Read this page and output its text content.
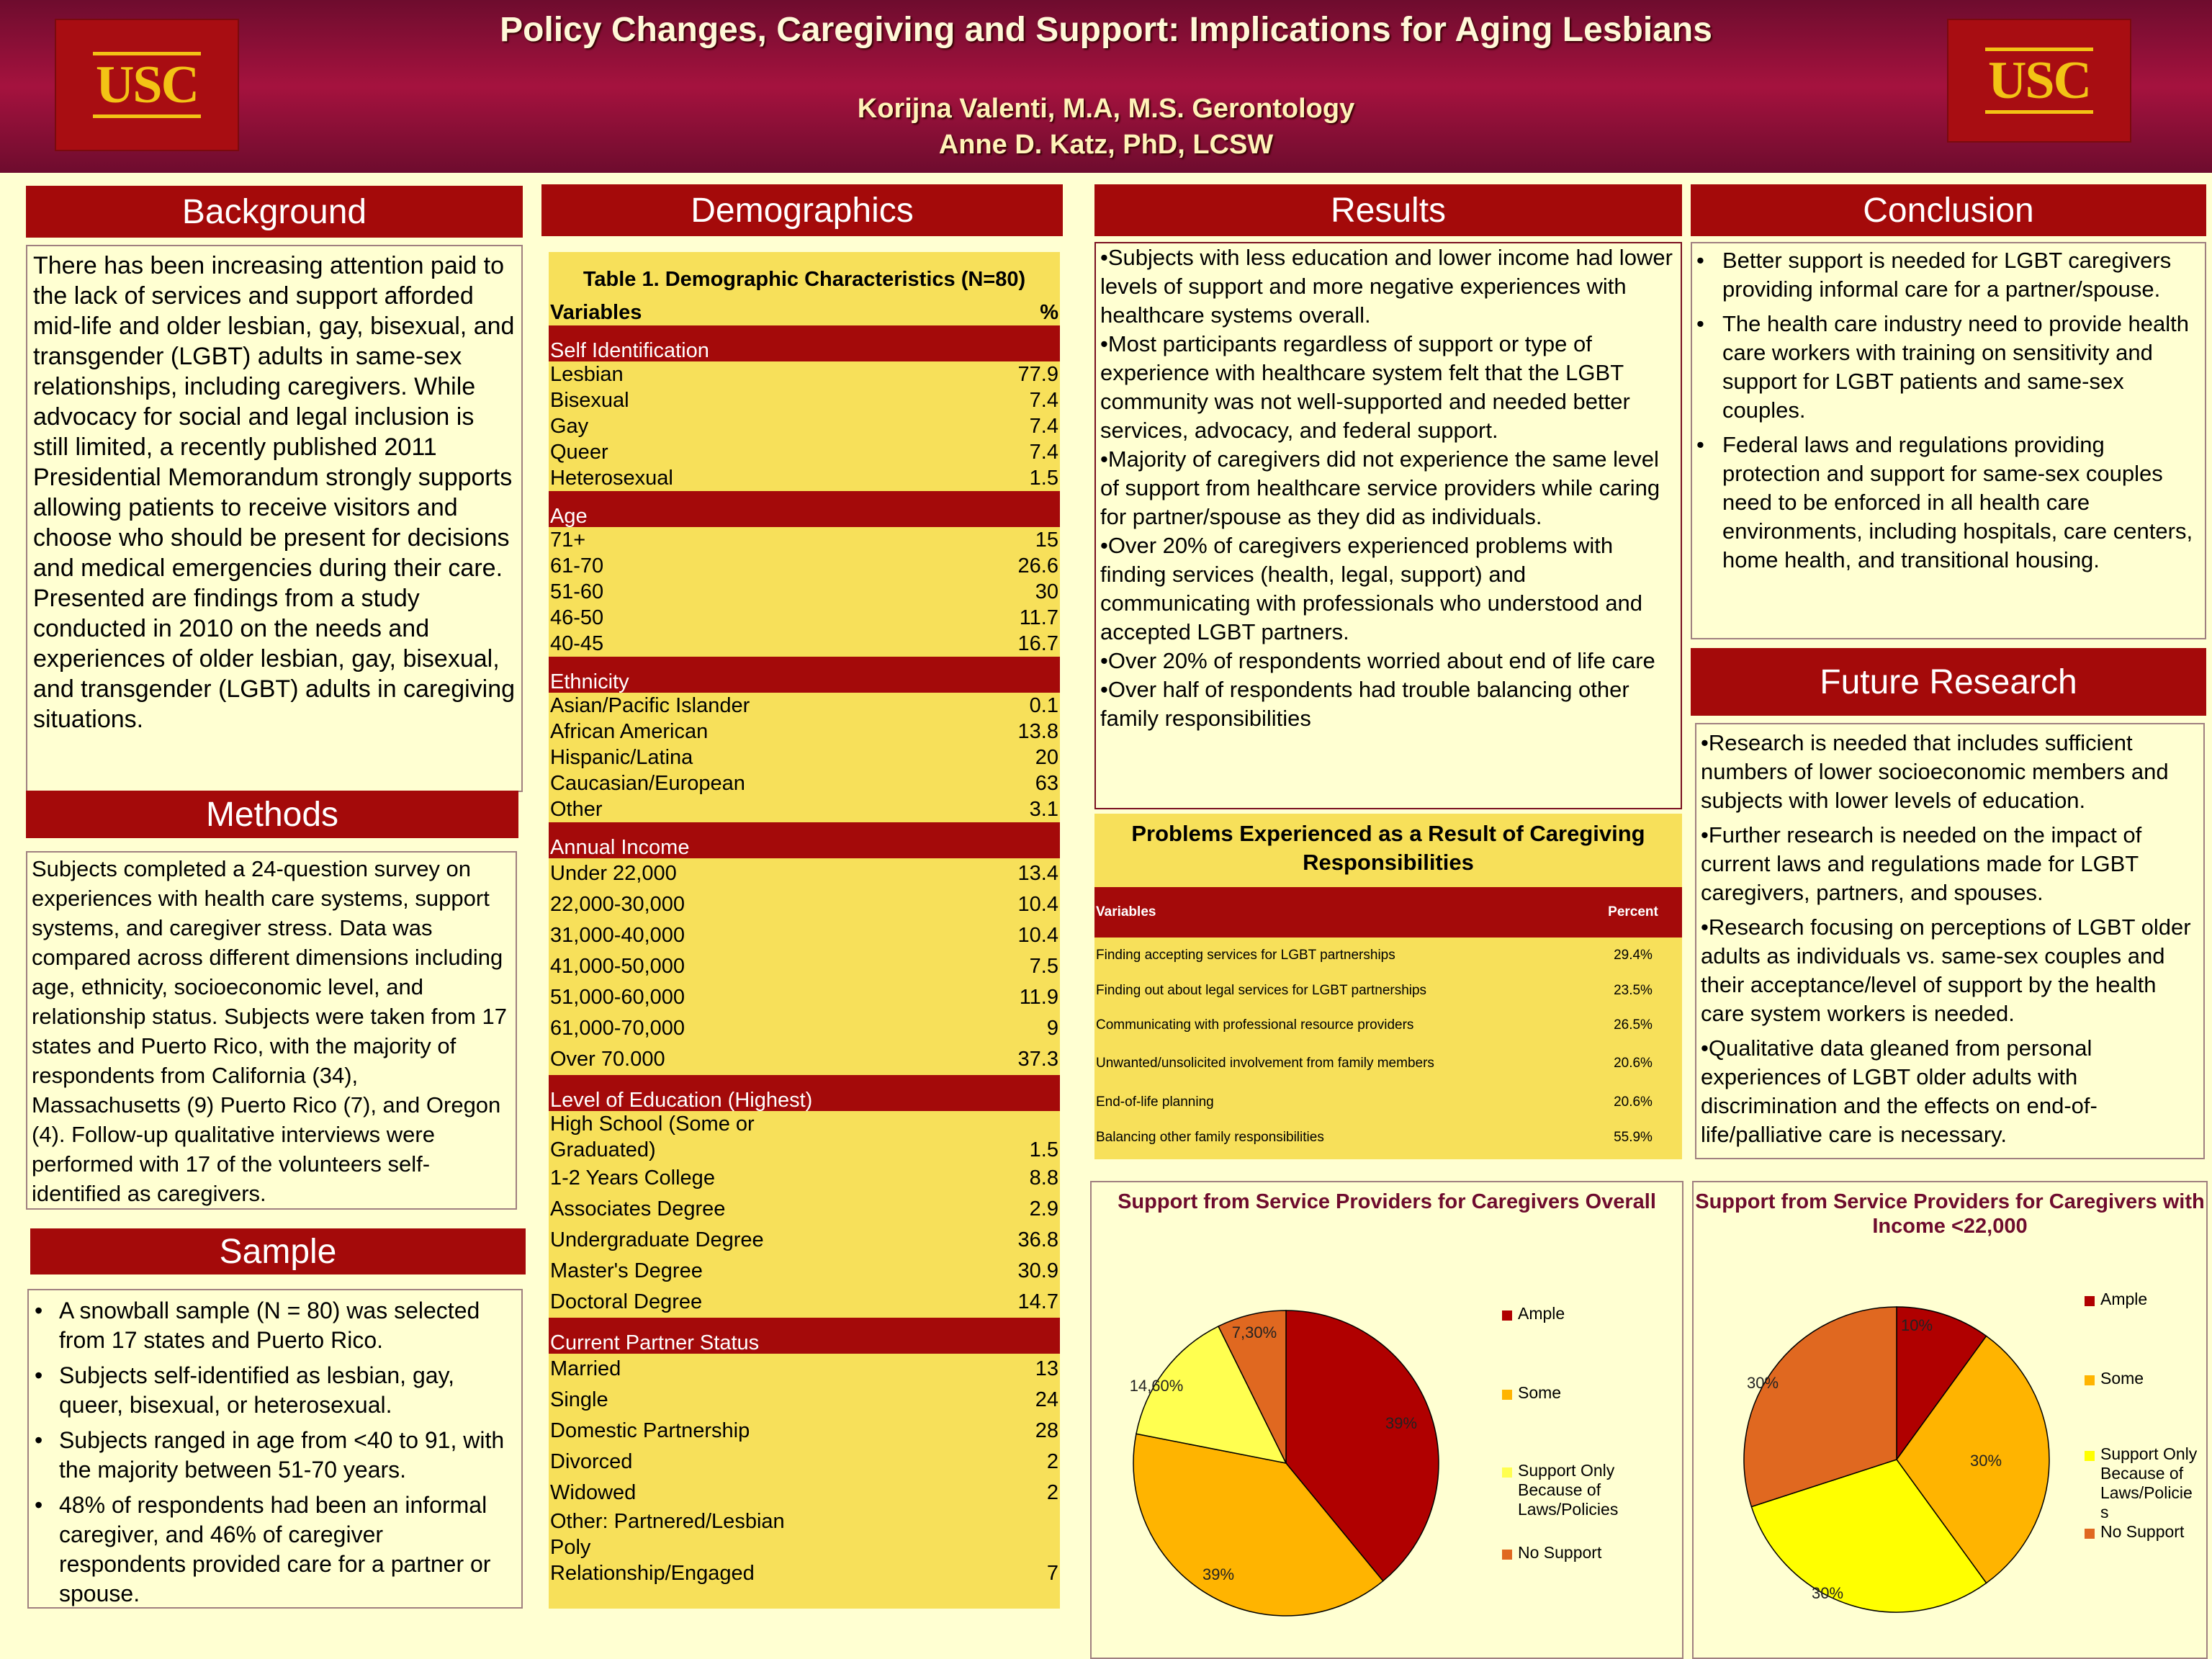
USC	USC
Policy Changes, Caregiving and Support: Implications for Aging Lesbians
Korijna Valenti, M.A, M.S. Gerontology
Anne D. Katz, PhD, LCSW
Background
There has been increasing attention paid to the lack of services and support afforded mid-life and older lesbian, gay, bisexual, and transgender (LGBT) adults in same-sex relationships, including caregivers. While advocacy for social and legal inclusion is still limited, a recently published 2011 Presidential Memorandum strongly supports allowing patients to receive visitors and choose who should be present for decisions and medical emergencies during their care. Presented are findings from a study conducted in 2010 on the needs and experiences of older lesbian, gay, bisexual, and transgender (LGBT) adults in caregiving situations.
Methods
Subjects completed a 24-question survey on experiences with health care systems, support systems, and caregiver stress. Data was compared across different dimensions including age, ethnicity, socioeconomic level, and relationship status. Subjects were taken from 17 states and Puerto Rico, with the majority of respondents from California (34), Massachusetts (9) Puerto Rico (7), and Oregon (4). Follow-up qualitative interviews were performed with 17 of the volunteers self-identified as caregivers.
Sample
• A snowball sample (N = 80) was selected from 17 states and Puerto Rico.
• Subjects self-identified as lesbian, gay, queer, bisexual, or heterosexual.
• Subjects ranged in age from <40 to 91, with the majority between 51-70 years.
• 48% of respondents had been an informal caregiver, and 46% of caregiver respondents provided care for a partner or spouse.
Demographics
Table 1. Demographic Characteristics (N=80)
Variables	%
Self Identification
Lesbian	77.9
Bisexual	7.4
Gay	7.4
Queer	7.4
Heterosexual	1.5
Age
71+	15
61-70	26.6
51-60	30
46-50	11.7
40-45	16.7
Ethnicity
Asian/Pacific Islander	0.1
African American	13.8
Hispanic/Latina	20
Caucasian/European	63
Other	3.1
Annual Income
Under 22,000	13.4
22,000-30,000	10.4
31,000-40,000	10.4
41,000-50,000	7.5
51,000-60,000	11.9
61,000-70,000	9
Over 70.000	37.3
Level of Education (Highest)
High School (Some or Graduated)	1.5
1-2 Years College	8.8
Associates Degree	2.9
Undergraduate Degree	36.8
Master's Degree	30.9
Doctoral Degree	14.7
Current Partner Status
Married	13
Single	24
Domestic Partnership	28
Divorced	2
Widowed	2
Other: Partnered/Lesbian Poly Relationship/Engaged	7
Results

•Subjects with less education and lower income had lower levels of support and more negative experiences with healthcare systems overall.

•Most participants regardless of support or type of experience with healthcare system felt that the LGBT community was not well-supported and needed better services, advocacy, and federal support.

•Majority of caregivers did not experience the same level of support from healthcare service providers while caring for partner/spouse as they did as individuals.

•Over 20% of caregivers experienced problems with finding services (health, legal, support) and communicating with professionals who understood and accepted LGBT partners.

•Over 20% of respondents worried about end of life care

•Over half of respondents had trouble balancing other family responsibilities

Problems Experienced as a Result of Caregiving Responsibilities
Variables	Percent
Finding accepting services for LGBT partnerships	29.4%
Finding out about legal services for LGBT partnerships	23.5%
Communicating with professional resource providers	26.5%
Unwanted/unsolicited involvement from family members	20.6%
End-of-life planning	20.6%
Balancing other family responsibilities	55.9%
Support from Service Providers for Caregivers Overall
39%
39%
14,60%
7,30%
Ample
Some
Support Only Because of Laws/Policies
No Support
Conclusion
• Better support is needed for LGBT caregivers providing informal care for a partner/spouse.
• The health care industry need to provide health care workers with training on sensitivity and support for LGBT patients and same-sex couples.
• Federal laws and regulations providing protection and support for same-sex couples need to be enforced in all health care environments, including hospitals, care centers, home health, and transitional housing.
Future Research

•Research is needed that includes sufficient numbers of lower socioeconomic members and subjects with lower levels of education.

•Further research is needed on the impact of current laws and regulations made for LGBT caregivers, partners, and spouses.

•Research focusing on perceptions of LGBT older adults as individuals vs. same-sex couples and their acceptance/level of support by the health care system workers is needed.

•Qualitative data gleaned from personal experiences of LGBT older adults with discrimination and the effects on end-of-life/palliative care is necessary.

Support from Service Providers for Caregivers with Income <22,000
10%
30%
30%
30%
Ample
Some
Support Only Because of Laws/Policie s
No Support
